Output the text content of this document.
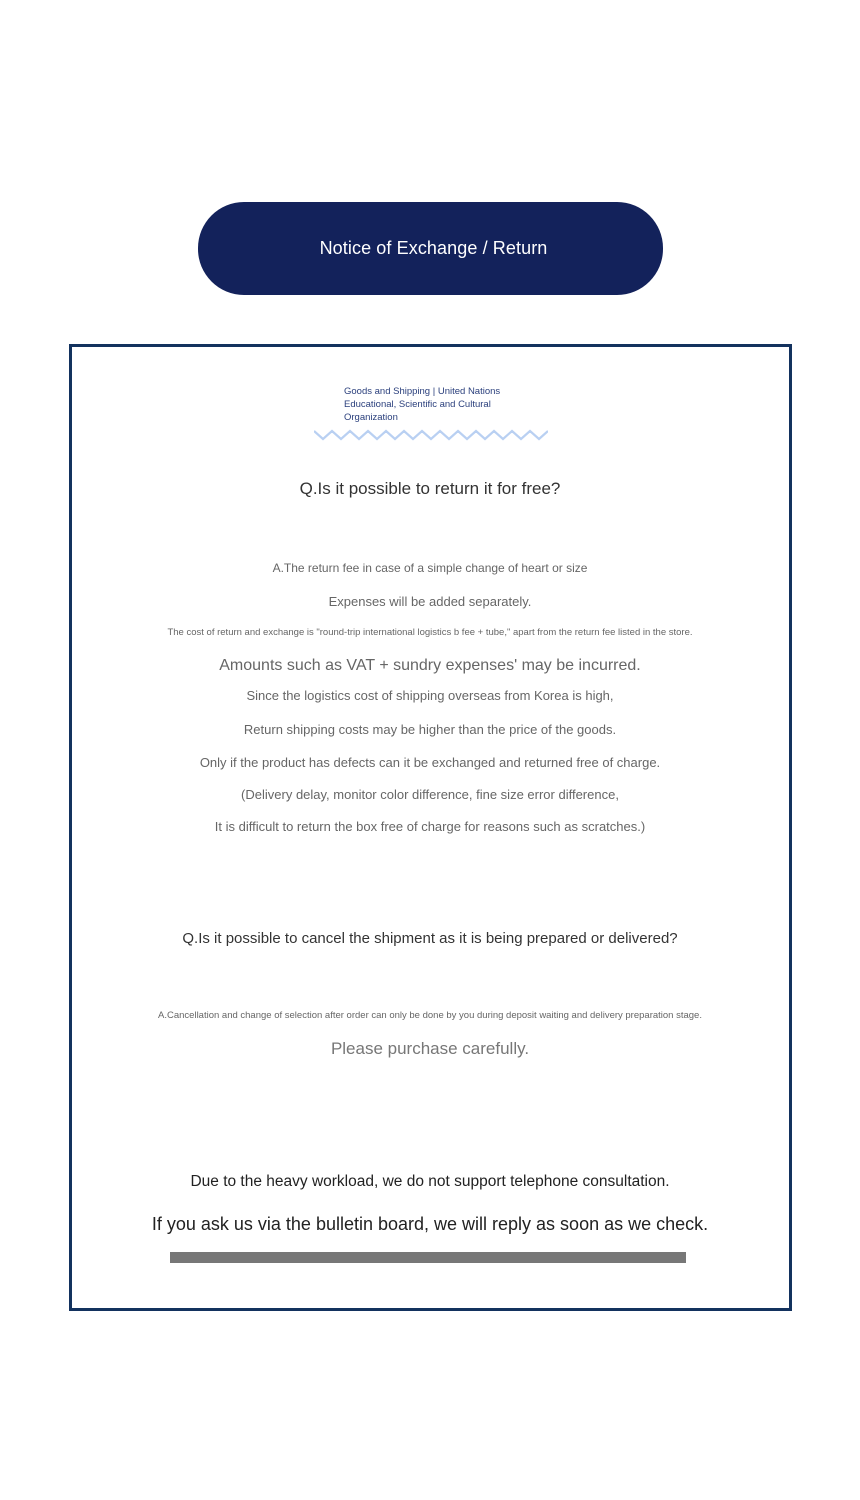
Notice of Exchange / Return
Goods and Shipping | United Nations
Educational, Scientific and Cultural
Organization
Q.Is it possible to return it for free?
A.The return fee in case of a simple change of heart or size
Expenses will be added separately.
The cost of return and exchange is "round-trip international logistics b fee + tube," apart from the return fee listed in the store.
Amounts such as VAT + sundry expenses' may be incurred.
Since the logistics cost of shipping overseas from Korea is high,
Return shipping costs may be higher than the price of the goods.
Only if the product has defects can it be exchanged and returned free of charge.
(Delivery delay, monitor color difference, fine size error difference,
It is difficult to return the box free of charge for reasons such as scratches.)
Q.Is it possible to cancel the shipment as it is being prepared or delivered?
A.Cancellation and change of selection after order can only be done by you during deposit waiting and delivery preparation stage.
Please purchase carefully.
Due to the heavy workload, we do not support telephone consultation.
If you ask us via the bulletin board, we will reply as soon as we check.
